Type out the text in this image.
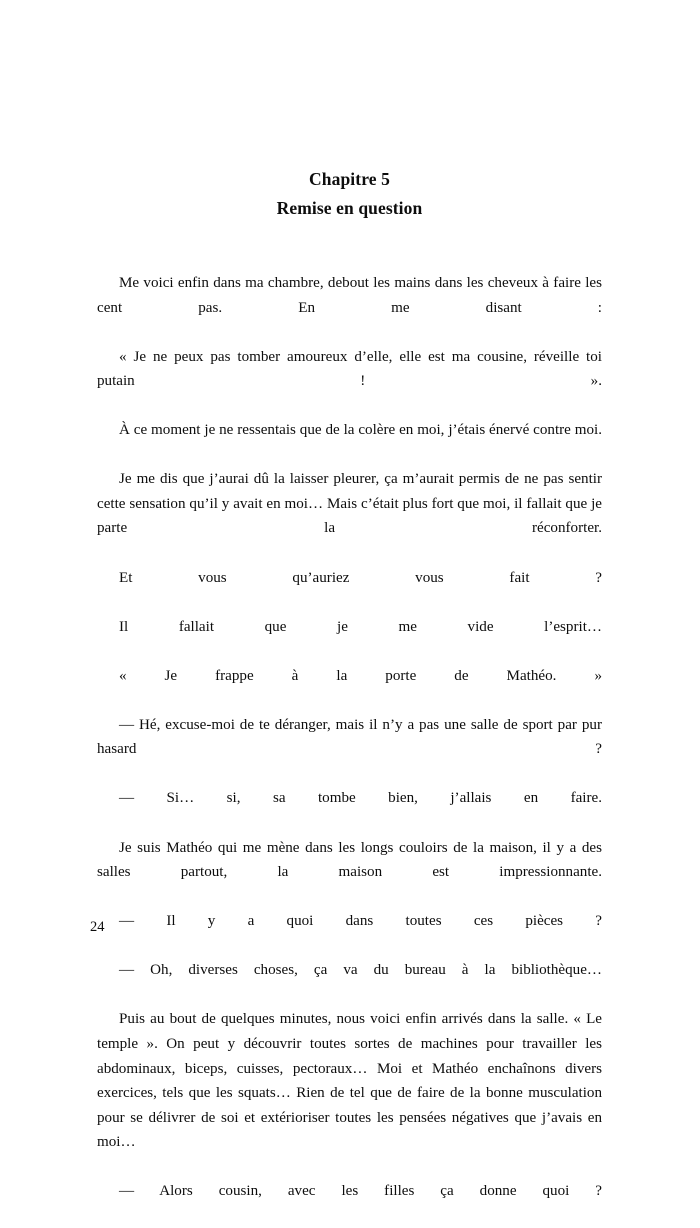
Chapitre 5
Remise en question

Me voici enfin dans ma chambre, debout les mains dans les cheveux à faire les cent pas. En me disant :

« Je ne peux pas tomber amoureux d’elle, elle est ma cousine, réveille toi putain ! ».

À ce moment je ne ressentais que de la colère en moi, j’étais énervé contre moi.

Je me dis que j’aurai dû la laisser pleurer, ça m’aurait permis de ne pas sentir cette sensation qu’il y avait en moi… Mais c’était plus fort que moi, il fallait que je parte la réconforter.

Et vous qu’auriez vous fait ?

Il fallait que je me vide l’esprit…

« Je frappe à la porte de Mathéo. »

— Hé, excuse-moi de te déranger, mais il n’y a pas une salle de sport par pur hasard ?

— Si… si, sa tombe bien, j’allais en faire.

Je suis Mathéo qui me mène dans les longs couloirs de la maison, il y a des salles partout, la maison est impressionnante.

— Il y a quoi dans toutes ces pièces ?

— Oh, diverses choses, ça va du bureau à la bibliothèque…

Puis au bout de quelques minutes, nous voici enfin arrivés dans la salle. « Le temple ». On peut y découvrir toutes sortes de machines pour travailler les abdominaux, biceps, cuisses, pectoraux… Moi et Mathéo enchaînons divers exercices, tels que les squats… Rien de tel que de faire de la bonne musculation pour se délivrer de soi et extérioriser toutes les pensées négatives que j’avais en moi…

— Alors cousin, avec les filles ça donne quoi ?

24
